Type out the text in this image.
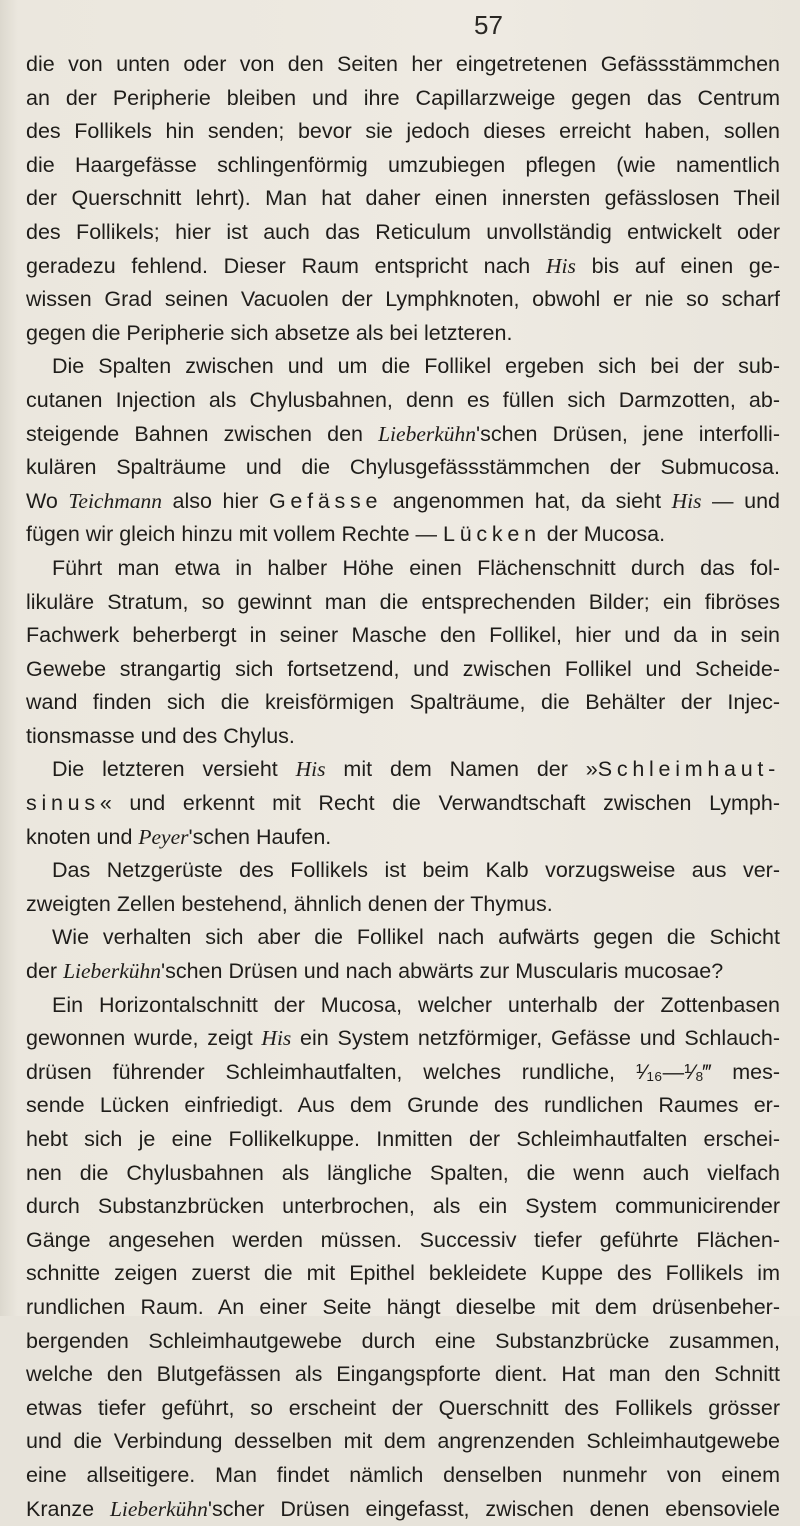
57
die von unten oder von den Seiten her eingetretenen Gefässstämmchen
an der Peripherie bleiben und ihre Capillarzweige gegen das Centrum
des Follikels hin senden; bevor sie jedoch dieses erreicht haben, sollen
die Haargefässe schlingenförmig umzubiegen pflegen (wie namentlich
der Querschnitt lehrt). Man hat daher einen innersten gefässlosen Theil
des Follikels; hier ist auch das Reticulum unvollständig entwickelt oder
geradezu fehlend. Dieser Raum entspricht nach His bis auf einen ge-
wissen Grad seinen Vacuolen der Lymphknoten, obwohl er nie so scharf
gegen die Peripherie sich absetze als bei letzteren.
Die Spalten zwischen und um die Follikel ergeben sich bei der sub-
cutanen Injection als Chylusbahnen, denn es füllen sich Darmzotten, ab-
steigende Bahnen zwischen den Lieberkühn'schen Drüsen, jene interfolli-
kulären Spalträume und die Chylusgefässstämmchen der Submucosa.
Wo Teichmann also hier Gefässe angenommen hat, da sieht His — und
fügen wir gleich hinzu mit vollem Rechte — Lücken der Mucosa.
Führt man etwa in halber Höhe einen Flächenschnitt durch das fol-
likuläre Stratum, so gewinnt man die entsprechenden Bilder; ein fibröses
Fachwerk beherbergt in seiner Masche den Follikel, hier und da in sein
Gewebe strangartig sich fortsetzend, und zwischen Follikel und Scheide-
wand finden sich die kreisförmigen Spalträume, die Behälter der Injec-
tionsmasse und des Chylus.
Die letzteren versieht His mit dem Namen der »Schleimhaut-
sinus« und erkennt mit Recht die Verwandtschaft zwischen Lymph-
knoten und Peyer'schen Haufen.
Das Netzgerüste des Follikels ist beim Kalb vorzugsweise aus ver-
zweigten Zellen bestehend, ähnlich denen der Thymus.
Wie verhalten sich aber die Follikel nach aufwärts gegen die Schicht
der Lieberkühn'schen Drüsen und nach abwärts zur Muscularis mucosae?
Ein Horizontalschnitt der Mucosa, welcher unterhalb der Zottenbasen
gewonnen wurde, zeigt His ein System netzförmiger, Gefässe und Schlauch-
drüsen führender Schleimhautfalten, welches rundliche, ¹⁄₁₆—¹⁄₈‴ mes-
sende Lücken einfriedigt. Aus dem Grunde des rundlichen Raumes er-
hebt sich je eine Follikelkuppe. Inmitten der Schleimhautfalten erschei-
nen die Chylusbahnen als längliche Spalten, die wenn auch vielfach
durch Substanzbrücken unterbrochen, als ein System communicirender
Gänge angesehen werden müssen. Successiv tiefer geführte Flächen-
schnitte zeigen zuerst die mit Epithel bekleidete Kuppe des Follikels im
rundlichen Raum. An einer Seite hängt dieselbe mit dem drüsenbeher-
bergenden Schleimhautgewebe durch eine Substanzbrücke zusammen,
welche den Blutgefässen als Eingangspforte dient. Hat man den Schnitt
etwas tiefer geführt, so erscheint der Querschnitt des Follikels grösser
und die Verbindung desselben mit dem angrenzenden Schleimhautgewebe
eine allseitigere. Man findet nämlich denselben nunmehr von einem
Kranze Lieberkühn'scher Drüsen eingefasst, zwischen denen ebensoviele
